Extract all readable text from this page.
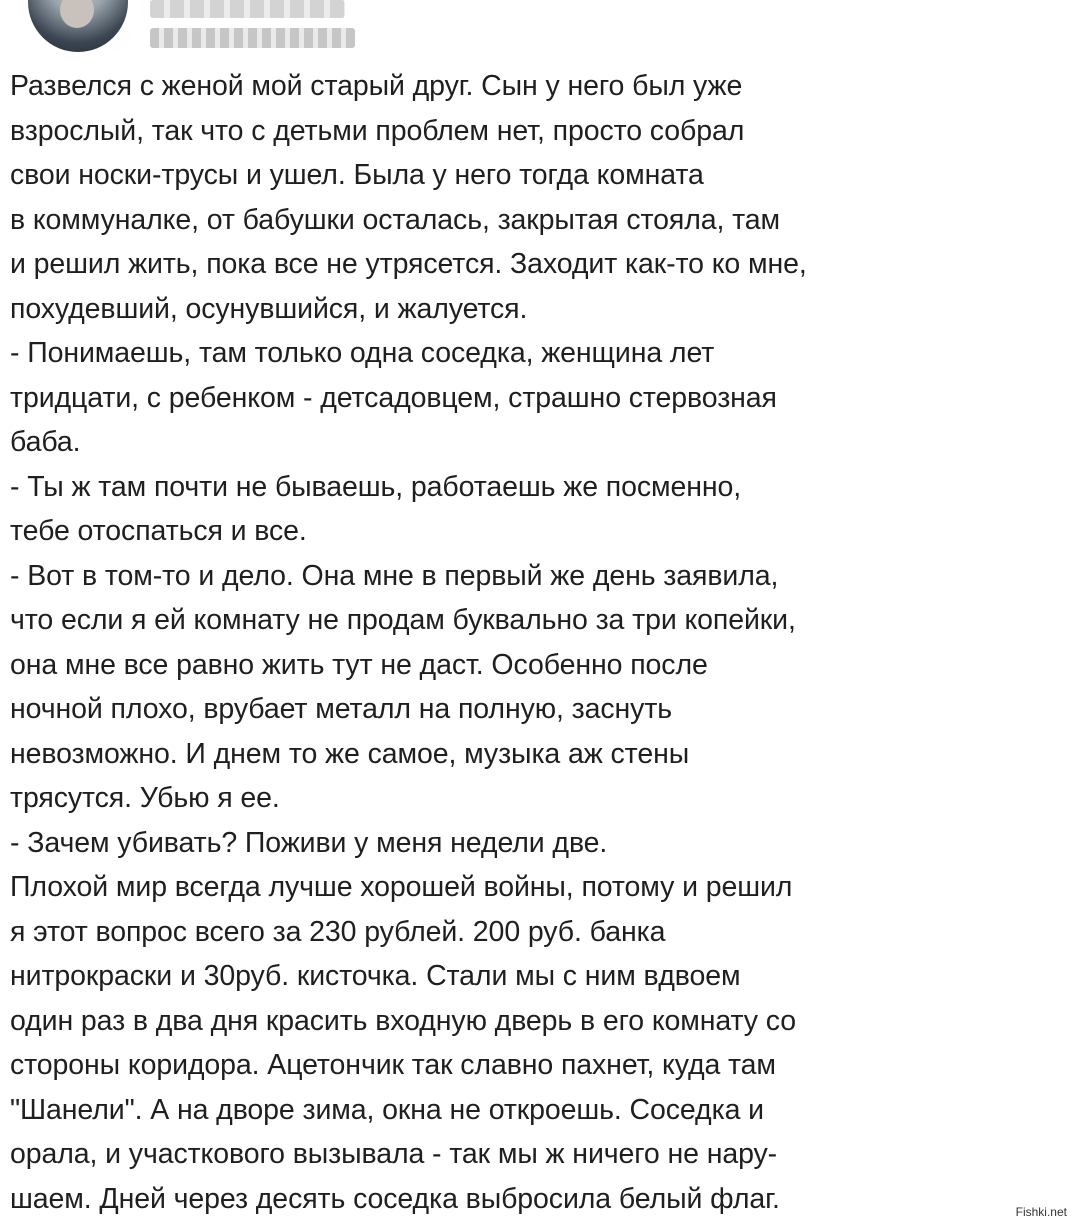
Развелся с женой мой старый друг. Сын у него был уже
взрослый, так что с детьми проблем нет, просто собрал
свои носки-трусы и ушел. Была у него тогда комната
в коммуналке, от бабушки осталась, закрытая стояла, там
и решил жить, пока все не утрясется. Заходит как-то ко мне,
похудевший, осунувшийся, и жалуется.
- Понимаешь, там только одна соседка, женщина лет
тридцати, с ребенком - детсадовцем, страшно стервозная
баба.
- Ты ж там почти не бываешь, работаешь же посменно,
тебе отоспаться и все.
- Вот в том-то и дело. Она мне в первый же день заявила,
что если я ей комнату не продам буквально за три копейки,
она мне все равно жить тут не даст. Особенно после
ночной плохо, врубает металл на полную, заснуть
невозможно. И днем то же самое, музыка аж стены
трясутся. Убью я ее.
- Зачем убивать? Поживи у меня недели две.
Плохой мир всегда лучше хорошей войны, потому и решил
я этот вопрос всего за 230 рублей. 200 руб. банка
нитрокраски и 30руб. кисточка. Стали мы с ним вдвоем
один раз в два дня красить входную дверь в его комнату со
стороны коридора. Ацетончик так славно пахнет, куда там
"Шанели". А на дворе зима, окна не откроешь. Соседка и
орала, и участкового вызывала - так мы ж ничего не нару-
шаем. Дней через десять соседка выбросила белый флаг.	Fishki.net
